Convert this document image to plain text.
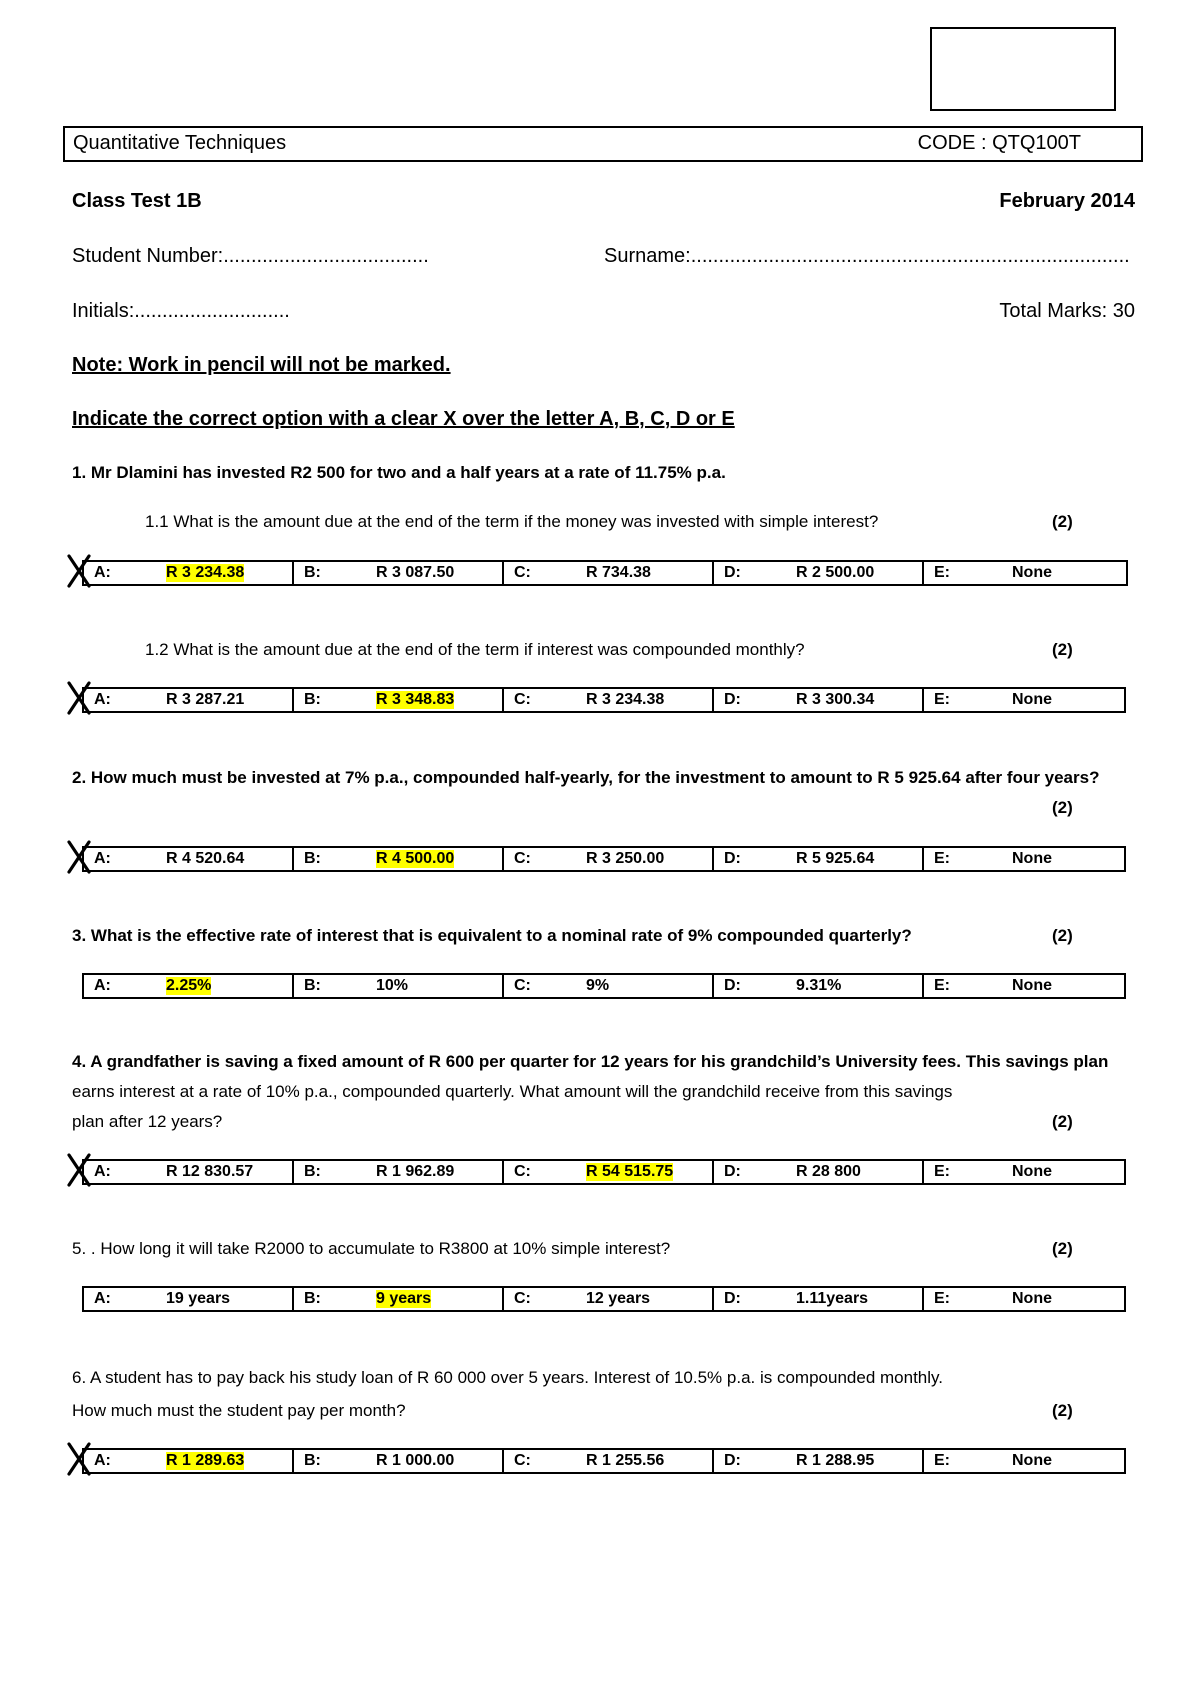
Quantitative Techniques	CODE : QTQ100T
Class Test 1B	February 2014
Student Number:.....................................	Surname:...............................................................................
Initials:............................	Total Marks: 30
Note: Work in pencil will not be marked.
Indicate the correct option with a clear X over the letter A, B, C, D or E
1. Mr Dlamini has invested R2 500 for two and a half years at a rate of 11.75% p.a.
1.1 What is the amount due at the end of the term if the money was invested with simple interest?	(2)
A:	R 3 234.38	B:	R 3 087.50	C:	R 734.38	D:	R 2 500.00	E:	None
1.2 What is the amount due at the end of the term if interest was compounded monthly?	(2)
A:	R 3 287.21	B:	R 3 348.83	C:	R 3 234.38	D:	R 3 300.34	E:	None
2. How much must be invested at 7% p.a., compounded half-yearly, for the investment to amount to R 5 925.64 after four years?
(2)
A:	R 4 520.64	B:	R 4 500.00	C:	R 3 250.00	D:	R 5 925.64	E:	None
3. What is the effective rate of interest that is equivalent to a nominal rate of 9% compounded quarterly?	(2)
A:	2.25%	B:	10%	C:	9%	D:	9.31%	E:	None
4. A grandfather is saving a fixed amount of R 600 per quarter for 12 years for his grandchild’s University fees. This savings plan
earns interest at a rate of 10% p.a., compounded quarterly. What amount will the grandchild receive from this savings
plan after 12 years?	(2)
A:	R 12 830.57	B:	R 1 962.89	C:	R 54 515.75	D:	R 28 800	E:	None
5. . How long it will take R2000 to accumulate to R3800 at 10% simple interest?	(2)
A:	19 years	B:	9 years	C:	12 years	D:	1.11years	E:	None
6. A student has to pay back his study loan of R 60 000 over 5 years. Interest of 10.5% p.a. is compounded monthly.
How much must the student pay per month?	(2)
A:	R 1 289.63	B:	R 1 000.00	C:	R 1 255.56	D:	R 1 288.95	E:	None
